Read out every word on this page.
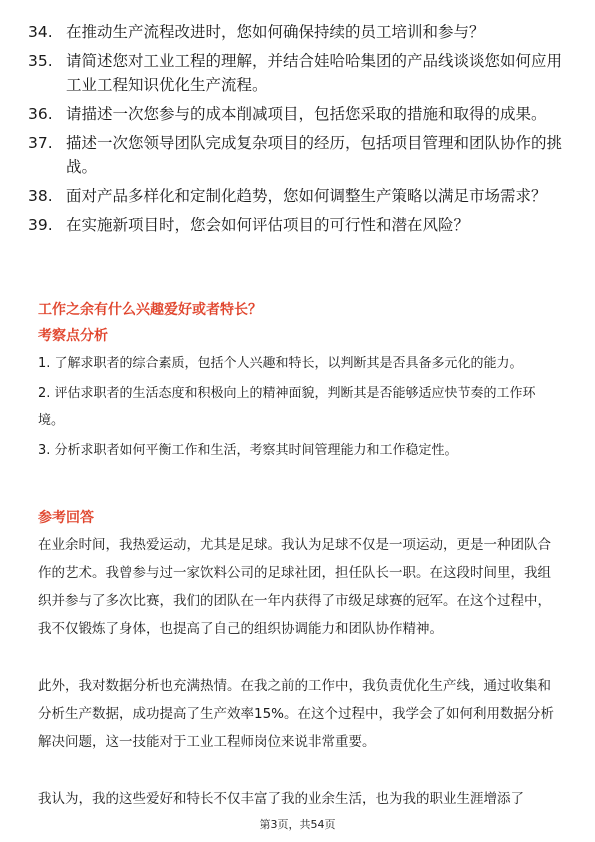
34. 在推动生产流程改进时，您如何确保持续的员工培训和参与？
35. 请简述您对工业工程的理解，并结合娃哈哈集团的产品线谈谈您如何应用工业工程知识优化生产流程。
36. 请描述一次您参与的成本削减项目，包括您采取的措施和取得的成果。
37. 描述一次您领导团队完成复杂项目的经历，包括项目管理和团队协作的挑战。
38. 面对产品多样化和定制化趋势，您如何调整生产策略以满足市场需求？
39. 在实施新项目时，您会如何评估项目的可行性和潜在风险？
工作之余有什么兴趣爱好或者特长？
考察点分析
1. 了解求职者的综合素质，包括个人兴趣和特长，以判断其是否具备多元化的能力。
2. 评估求职者的生活态度和积极向上的精神面貌，判断其是否能够适应快节奏的工作环境。
3. 分析求职者如何平衡工作和生活，考察其时间管理能力和工作稳定性。
参考回答
在业余时间，我热爱运动，尤其是足球。我认为足球不仅是一项运动，更是一种团队合作的艺术。我曾参与过一家饮料公司的足球社团，担任队长一职。在这段时间里，我组织并参与了多次比赛，我们的团队在一年内获得了市级足球赛的冠军。在这个过程中，我不仅锻炼了身体，也提高了自己的组织协调能力和团队协作精神。
此外，我对数据分析也充满热情。在我之前的工作中，我负责优化生产线，通过收集和分析生产数据，成功提高了生产效率15%。在这个过程中，我学会了如何利用数据分析解决问题，这一技能对于工业工程师岗位来说非常重要。
我认为，我的这些爱好和特长不仅丰富了我的业余生活，也为我的职业生涯增添了
第3页，共54页
